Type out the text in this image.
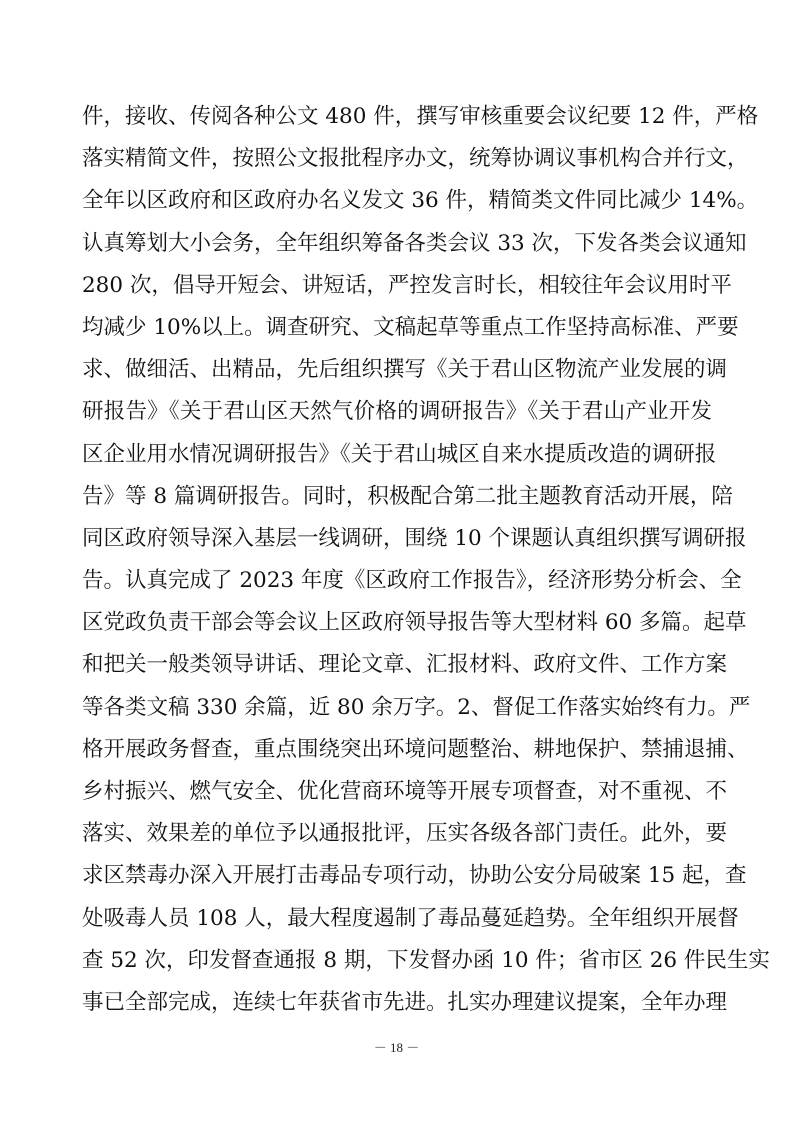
件，接收、传阅各种公文 480 件，撰写审核重要会议纪要 12 件，严格
落实精简文件，按照公文报批程序办文，统筹协调议事机构合并行文，
全年以区政府和区政府办名义发文 36 件，精简类文件同比减少 14%。
认真筹划大小会务，全年组织筹备各类会议 33 次，下发各类会议通知
280 次，倡导开短会、讲短话，严控发言时长，相较往年会议用时平
均减少 10%以上。调查研究、文稿起草等重点工作坚持高标准、严要
求、做细活、出精品，先后组织撰写《关于君山区物流产业发展的调
研报告》《关于君山区天然气价格的调研报告》《关于君山产业开发
区企业用水情况调研报告》《关于君山城区自来水提质改造的调研报
告》等 8 篇调研报告。同时，积极配合第二批主题教育活动开展，陪
同区政府领导深入基层一线调研，围绕 10 个课题认真组织撰写调研报
告。认真完成了 2023 年度《区政府工作报告》，经济形势分析会、全
区党政负责干部会等会议上区政府领导报告等大型材料 60 多篇。起草
和把关一般类领导讲话、理论文章、汇报材料、政府文件、工作方案
等各类文稿 330 余篇，近 80 余万字。2、督促工作落实始终有力。严
格开展政务督查，重点围绕突出环境问题整治、耕地保护、禁捕退捕、
乡村振兴、燃气安全、优化营商环境等开展专项督查，对不重视、不
落实、效果差的单位予以通报批评，压实各级各部门责任。此外，要
求区禁毒办深入开展打击毒品专项行动，协助公安分局破案 15 起，查
处吸毒人员 108 人，最大程度遏制了毒品蔓延趋势。全年组织开展督
查 52 次，印发督查通报 8 期，下发督办函 10 件；省市区 26 件民生实
事已全部完成，连续七年获省市先进。扎实办理建议提案，全年办理
－ 18 －
